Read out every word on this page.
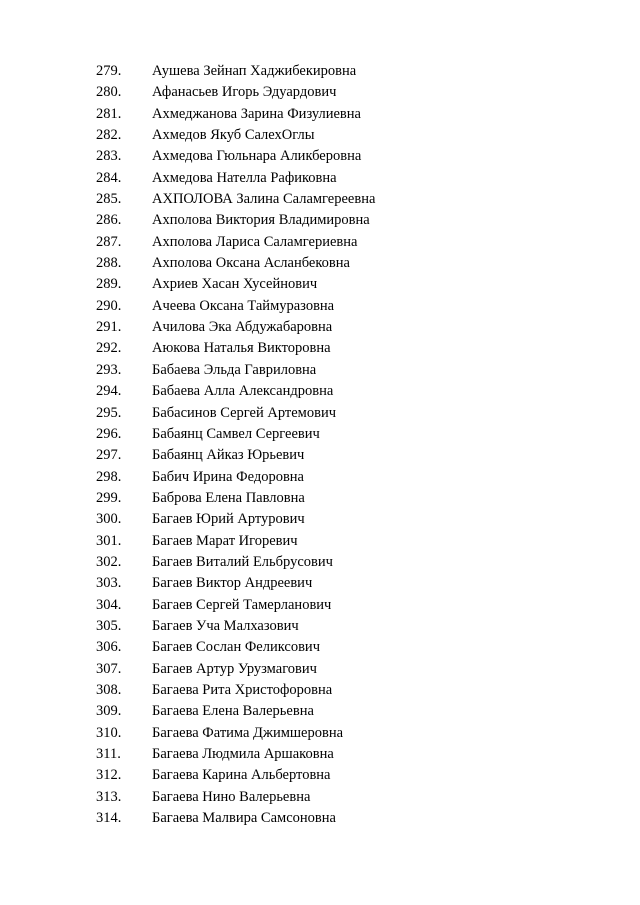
279.	Аушева Зейнап Хаджибекировна
280.	Афанасьев Игорь Эдуардович
281.	Ахмеджанова Зарина Физулиевна
282.	Ахмедов Якуб СалехОглы
283.	Ахмедова Гюльнара Аликберовна
284.	Ахмедова Нателла Рафиковна
285.	АХПОЛОВА Залина Саламгереевна
286.	Ахполова Виктория Владимировна
287.	Ахполова Лариса Саламгериевна
288.	Ахполова Оксана Асланбековна
289.	Ахриев Хасан Хусейнович
290.	Ачеева Оксана Таймуразовна
291.	Ачилова Эка Абдужабаровна
292.	Аюкова Наталья Викторовна
293.	Бабаева Эльда Гавриловна
294.	Бабаева Алла Александровна
295.	Бабасинов Сергей Артемович
296.	Бабаянц Самвел Сергеевич
297.	Бабаянц Айказ Юрьевич
298.	Бабич Ирина Федоровна
299.	Баброва Елена Павловна
300.	Багаев Юрий Артурович
301.	Багаев Марат Игоревич
302.	Багаев Виталий Ельбрусович
303.	Багаев Виктор Андреевич
304.	Багаев Сергей Тамерланович
305.	Багаев Уча Малхазович
306.	Багаев Сослан Феликсович
307.	Багаев Артур Урузмагович
308.	Багаева Рита Христофоровна
309.	Багаева Елена Валерьевна
310.	Багаева Фатима Джимшеровна
311.	Багаева Людмила Аршаковна
312.	Багаева Карина Альбертовна
313.	Багаева Нино Валерьевна
314.	Багаева Малвира Самсоновна
